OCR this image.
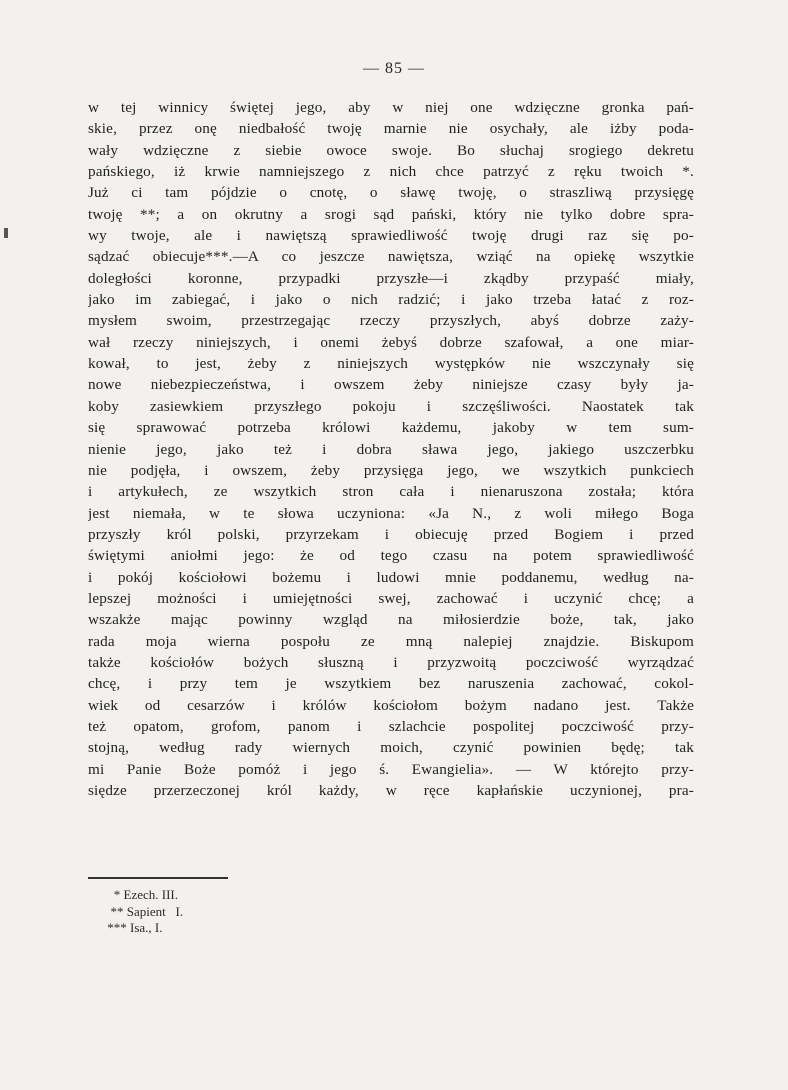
— 85 —
w tej winnicy świętej jego, aby w niej one wdzięczne gronka pań-
skie, przez onę niedbałość twoję marnie nie osychały, ale iżby poda-
wały wdzięczne z siebie owoce swoje. Bo słuchaj srogiego dekretu
pańskiego, iż krwie namniejszego z nich chce patrzyć z ręku twoich *.
Już ci tam pójdzie o cnotę, o sławę twoję, o straszliwą przysięgę
twoję **; a on okrutny a srogi sąd pański, który nie tylko dobre spra-
wy twoje, ale i nawiętszą sprawiedliwość twoję drugi raz się po-
sądzać obiecuje***.—A co jeszcze nawiętsza, wziąć na opiekę wszytkie
doległości koronne, przypadki przyszłe—i zkądby przypaść miały,
jako im zabiegać, i jako o nich radzić; i jako trzeba łatać z roz-
mysłem swoim, przestrzegając rzeczy przyszłych, abyś dobrze zaży-
wał rzeczy niniejszych, i onemi żebyś dobrze szafował, a one miar-
kował, to jest, żeby z niniejszych występków nie wszczynały się
nowe niebezpieczeństwa, i owszem żeby niniejsze czasy były ja-
koby zasiewkiem przyszłego pokoju i szczęśliwości. Naostatek tak
się sprawować potrzeba królowi każdemu, jakoby w tem sum-
nienie jego, jako też i dobra sława jego, jakiego uszczerbku
nie podjęła, i owszem, żeby przysięga jego, we wszytkich punkciech
i artykułech, ze wszytkich stron cała i nienaruszona została; która
jest niemała, w te słowa uczyniona: «Ja N., z woli miłego Boga
przyszły król polski, przyrzekam i obiecuję przed Bogiem i przed
świętymi aniołmi jego: że od tego czasu na potem sprawiedliwość
i pokój kościołowi bożemu i ludowi mnie poddanemu, według na-
lepszej możności i umiejętności swej, zachować i uczynić chcę; a
wszakże mając powinny wzgląd na miłosierdzie boże, tak, jako
rada moja wierna pospołu ze mną nalepiej znajdzie. Biskupom
także kościołów bożych słuszną i przyzwoitą poczciwość wyrządzać
chcę, i przy tem je wszytkiem bez naruszenia zachować, cokol-
wiek od cesarzów i królów kościołom bożym nadano jest. Także
też opatom, grofom, panom i szlachcie pospolitej poczciwość przy-
stojną, według rady wiernych moich, czynić powinien będę; tak
mi Panie Boże pomóż i jego ś. Ewangielia». — W którejto przy-
siędze przerzeczonej król każdy, w ręce kapłańskie uczynionej, pra-
* Ezech. III.
** Sapient   I.
*** Isa., I.
